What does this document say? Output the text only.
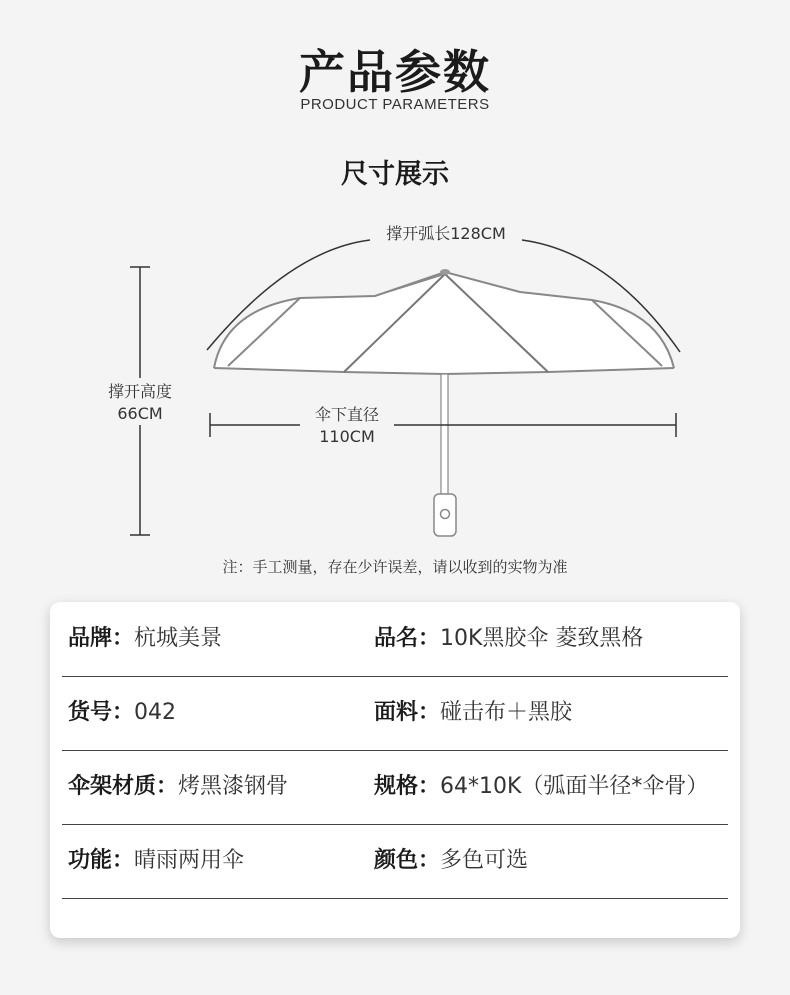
产品参数
PRODUCT PARAMETERS
尺寸展示
撑开弧长128CM
撑开高度
66CM	伞下直径
110CM
注：手工测量，存在少许误差，请以收到的实物为准
品牌：杭城美景	品名：10K黑胶伞 菱致黑格
货号：042	面料：碰击布＋黑胶
伞架材质：烤黑漆钢骨	规格：64*10K（弧面半径*伞骨）
功能：晴雨两用伞	颜色：多色可选
